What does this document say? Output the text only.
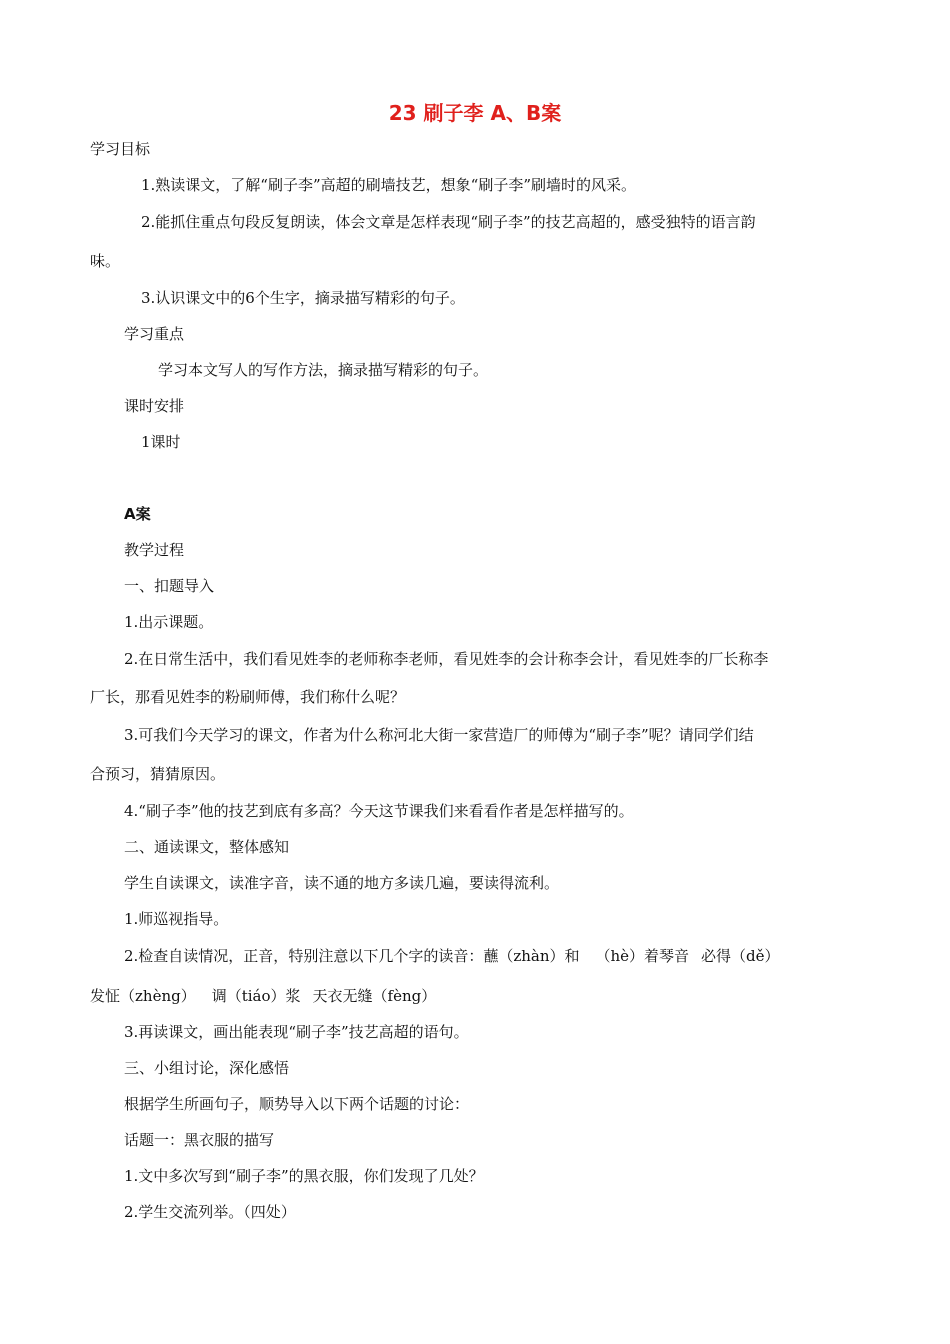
23 刷子李 A、B案
学习目标
1.熟读课文，了解“刷子李”高超的刷墙技艺，想象“刷子李”刷墙时的风采。
2.能抓住重点句段反复朗读，体会文章是怎样表现“刷子李”的技艺高超的，感受独特的语言韵
味。
3.认识课文中的6个生字，摘录描写精彩的句子。
学习重点
学习本文写人的写作方法，摘录描写精彩的句子。
课时安排
1课时
A案
教学过程
一、扣题导入
1.出示课题。
2.在日常生活中，我们看见姓李的老师称李老师，看见姓李的会计称李会计，看见姓李的厂长称李
厂长，那看见姓李的粉刷师傅，我们称什么呢？
3.可我们今天学习的课文，作者为什么称河北大街一家营造厂的师傅为“刷子李”呢？请同学们结
合预习，猜猜原因。
4.“刷子李”他的技艺到底有多高？今天这节课我们来看看作者是怎样描写的。
二、通读课文，整体感知
学生自读课文，读准字音，读不通的地方多读几遍，要读得流利。
1.师巡视指导。
2.检查自读情况，正音，特别注意以下几个字的读音：蘸（zhàn）和 （hè）着琴音 必得（dě）
发怔（zhèng） 调（tiáo）浆 天衣无缝（fèng）
3.再读课文，画出能表现“刷子李”技艺高超的语句。
三、小组讨论，深化感悟
根据学生所画句子，顺势导入以下两个话题的讨论：
话题一：黑衣服的描写
1.文中多次写到“刷子李”的黑衣服，你们发现了几处？
2.学生交流列举。（四处）
